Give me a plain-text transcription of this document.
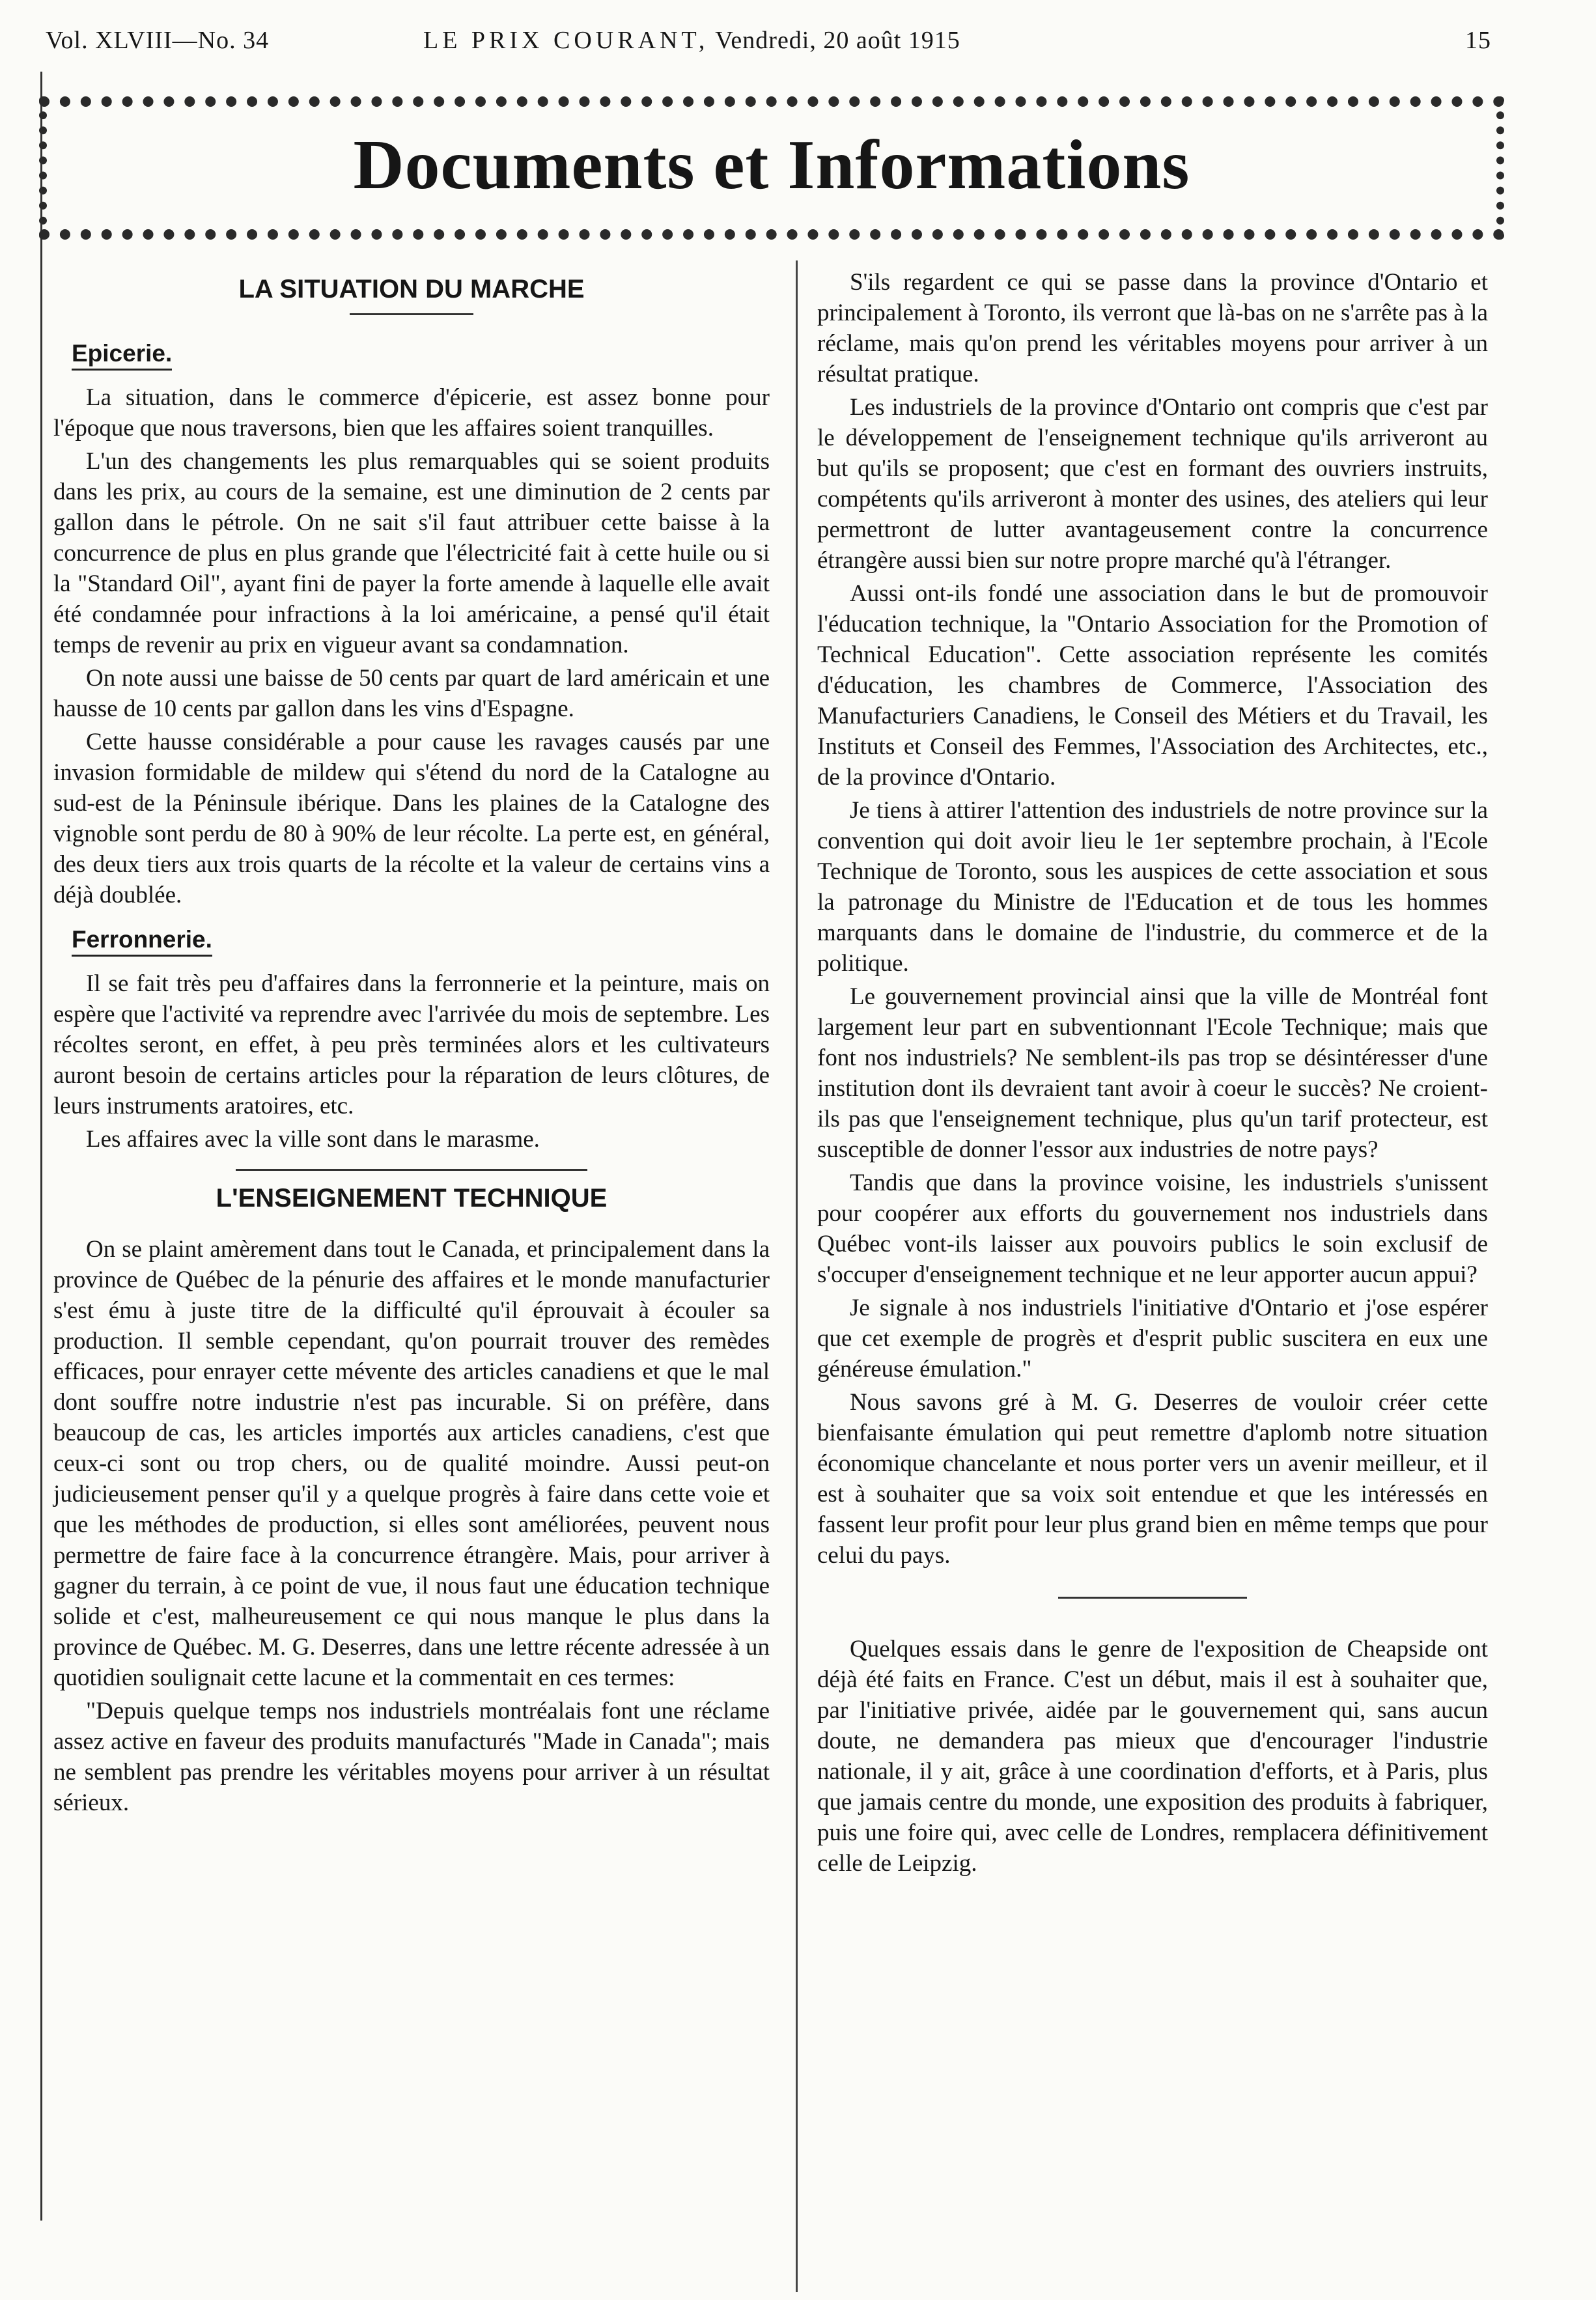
Vol. XLVIII—No. 34	LE PRIX COURANT, Vendredi, 20 août 1915	15
Documents et Informations
LA SITUATION DU MARCHE
Epicerie.

La situation, dans le commerce d'épicerie, est assez bonne pour l'époque que nous traversons, bien que les affaires soient tranquilles.

L'un des changements les plus remarquables qui se soient produits dans les prix, au cours de la semaine, est une diminution de 2 cents par gallon dans le pétrole. On ne sait s'il faut attribuer cette baisse à la concurrence de plus en plus grande que l'électricité fait à cette huile ou si la "Standard Oil", ayant fini de payer la forte amende à laquelle elle avait été condamnée pour infractions à la loi américaine, a pensé qu'il était temps de revenir au prix en vigueur avant sa condamnation.

On note aussi une baisse de 50 cents par quart de lard américain et une hausse de 10 cents par gallon dans les vins d'Espagne.

Cette hausse considérable a pour cause les ravages causés par une invasion formidable de mildew qui s'étend du nord de la Catalogne au sud-est de la Péninsule ibérique. Dans les plaines de la Catalogne des vignoble sont perdu de 80 à 90% de leur récolte. La perte est, en général, des deux tiers aux trois quarts de la récolte et la valeur de certains vins a déjà doublée.

Ferronnerie.

Il se fait très peu d'affaires dans la ferronnerie et la peinture, mais on espère que l'activité va reprendre avec l'arrivée du mois de septembre. Les récoltes seront, en effet, à peu près terminées alors et les cultivateurs auront besoin de certains articles pour la réparation de leurs clôtures, de leurs instruments aratoires, etc.

Les affaires avec la ville sont dans le marasme.

L'ENSEIGNEMENT TECHNIQUE

On se plaint amèrement dans tout le Canada, et principalement dans la province de Québec de la pénurie des affaires et le monde manufacturier s'est ému à juste titre de la difficulté qu'il éprouvait à écouler sa production. Il semble cependant, qu'on pourrait trouver des remèdes efficaces, pour enrayer cette mévente des articles canadiens et que le mal dont souffre notre industrie n'est pas incurable. Si on préfère, dans beaucoup de cas, les articles importés aux articles canadiens, c'est que ceux-ci sont ou trop chers, ou de qualité moindre. Aussi peut-on judicieusement penser qu'il y a quelque progrès à faire dans cette voie et que les méthodes de production, si elles sont améliorées, peuvent nous permettre de faire face à la concurrence étrangère. Mais, pour arriver à gagner du terrain, à ce point de vue, il nous faut une éducation technique solide et c'est, malheureusement ce qui nous manque le plus dans la province de Québec. M. G. Deserres, dans une lettre récente adressée à un quotidien soulignait cette lacune et la commentait en ces termes:

"Depuis quelque temps nos industriels montréalais font une réclame assez active en faveur des produits manufacturés "Made in Canada"; mais ne semblent pas prendre les véritables moyens pour arriver à un résultat sérieux.

S'ils regardent ce qui se passe dans la province d'Ontario et principalement à Toronto, ils verront que là-bas on ne s'arrête pas à la réclame, mais qu'on prend les véritables moyens pour arriver à un résultat pratique.

Les industriels de la province d'Ontario ont compris que c'est par le développement de l'enseignement technique qu'ils arriveront au but qu'ils se proposent; que c'est en formant des ouvriers instruits, compétents qu'ils arriveront à monter des usines, des ateliers qui leur permettront de lutter avantageusement contre la concurrence étrangère aussi bien sur notre propre marché qu'à l'étranger.

Aussi ont-ils fondé une association dans le but de promouvoir l'éducation technique, la "Ontario Association for the Promotion of Technical Education". Cette association représente les comités d'éducation, les chambres de Commerce, l'Association des Manufacturiers Canadiens, le Conseil des Métiers et du Travail, les Instituts et Conseil des Femmes, l'Association des Architectes, etc., de la province d'Ontario.

Je tiens à attirer l'attention des industriels de notre province sur la convention qui doit avoir lieu le 1er septembre prochain, à l'Ecole Technique de Toronto, sous les auspices de cette association et sous la patronage du Ministre de l'Education et de tous les hommes marquants dans le domaine de l'industrie, du commerce et de la politique.

Le gouvernement provincial ainsi que la ville de Montréal font largement leur part en subventionnant l'Ecole Technique; mais que font nos industriels? Ne semblent-ils pas trop se désintéresser d'une institution dont ils devraient tant avoir à coeur le succès? Ne croient-ils pas que l'enseignement technique, plus qu'un tarif protecteur, est susceptible de donner l'essor aux industries de notre pays?

Tandis que dans la province voisine, les industriels s'unissent pour coopérer aux efforts du gouvernement nos industriels dans Québec vont-ils laisser aux pouvoirs publics le soin exclusif de s'occuper d'enseignement technique et ne leur apporter aucun appui?

Je signale à nos industriels l'initiative d'Ontario et j'ose espérer que cet exemple de progrès et d'esprit public suscitera en eux une généreuse émulation."

Nous savons gré à M. G. Deserres de vouloir créer cette bienfaisante émulation qui peut remettre d'aplomb notre situation économique chancelante et nous porter vers un avenir meilleur, et il est à souhaiter que sa voix soit entendue et que les intéressés en fassent leur profit pour leur plus grand bien en même temps que pour celui du pays.

Quelques essais dans le genre de l'exposition de Cheapside ont déjà été faits en France. C'est un début, mais il est à souhaiter que, par l'initiative privée, aidée par le gouvernement qui, sans aucun doute, ne demandera pas mieux que d'encourager l'industrie nationale, il y ait, grâce à une coordination d'efforts, et à Paris, plus que jamais centre du monde, une exposition des produits à fabriquer, puis une foire qui, avec celle de Londres, remplacera définitivement celle de Leipzig.
